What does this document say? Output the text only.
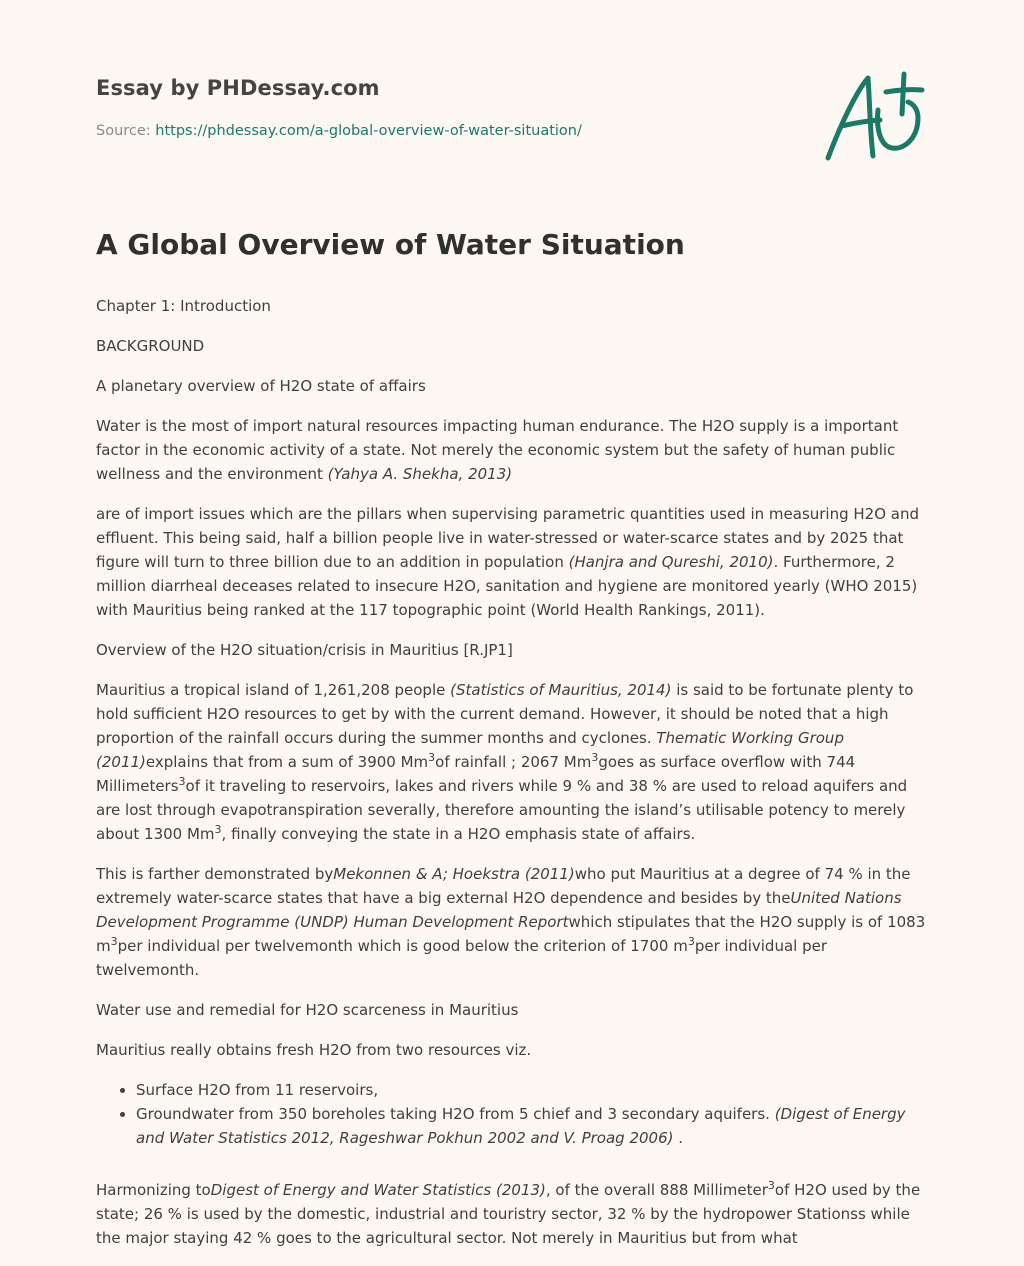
Essay by PHDessay.com
Source: https://phdessay.com/a-global-overview-of-water-situation/
A Global Overview of Water Situation

Chapter 1: Introduction

BACKGROUND

A planetary overview of H2O state of affairs

Water is the most of import natural resources impacting human endurance. The H2O supply is a important factor in the economic activity of a state. Not merely the economic system but the safety of human public wellness and the environment (Yahya A. Shekha, 2013)

are of import issues which are the pillars when supervising parametric quantities used in measuring H2O and effluent. This being said, half a billion people live in water-stressed or water-scarce states and by 2025 that figure will turn to three billion due to an addition in population (Hanjra and Qureshi, 2010). Furthermore, 2 million diarrheal deceases related to insecure H2O, sanitation and hygiene are monitored yearly (WHO 2015) with Mauritius being ranked at the 117 topographic point (World Health Rankings, 2011).

Overview of the H2O situation/crisis in Mauritius [R.JP1]

Mauritius a tropical island of 1,261,208 people (Statistics of Mauritius, 2014) is said to be fortunate plenty to hold sufficient H2O resources to get by with the current demand. However, it should be noted that a high proportion of the rainfall occurs during the summer months and cyclones. Thematic Working Group (2011)explains that from a sum of 3900 Mm$^3$of rainfall ; 2067 Mm$^3$goes as surface overflow with 744 Millimeters$^3$of it traveling to reservoirs, lakes and rivers while 9 % and 38 % are used to reload aquifers and are lost through evapotranspiration severally, therefore amounting the island’s utilisable potency to merely about 1300 Mm$^3$, finally conveying the state in a H2O emphasis state of affairs.

This is farther demonstrated byMekonnen & A; Hoekstra (2011)who put Mauritius at a degree of 74 % in the extremely water-scarce states that have a big external H2O dependence and besides by theUnited Nations Development Programme (UNDP) Human Development Reportwhich stipulates that the H2O supply is of 1083 $m^3per$ individual per twelvemonth which is good below the criterion of 1700 $m^3per$ individual per twelvemonth.

Water use and remedial for H2O scarceness in Mauritius

Mauritius really obtains fresh H2O from two resources viz.

• Surface H2O from 11 reservoirs,
• Groundwater from 350 boreholes taking H2O from 5 chief and 3 secondary aquifers. (Digest of Energy and Water Statistics 2012, Rageshwar Pokhun 2002 and V. Proag 2006) .

Harmonizing toDigest of Energy and Water Statistics (2013), of the overall 888 Millimeter$^3$of H2O used by the state; 26 % is used by the domestic, industrial and touristry sector, 32 % by the hydropower Stationss while the major staying 42 % goes to the agricultural sector. Not merely in Mauritius but from what
